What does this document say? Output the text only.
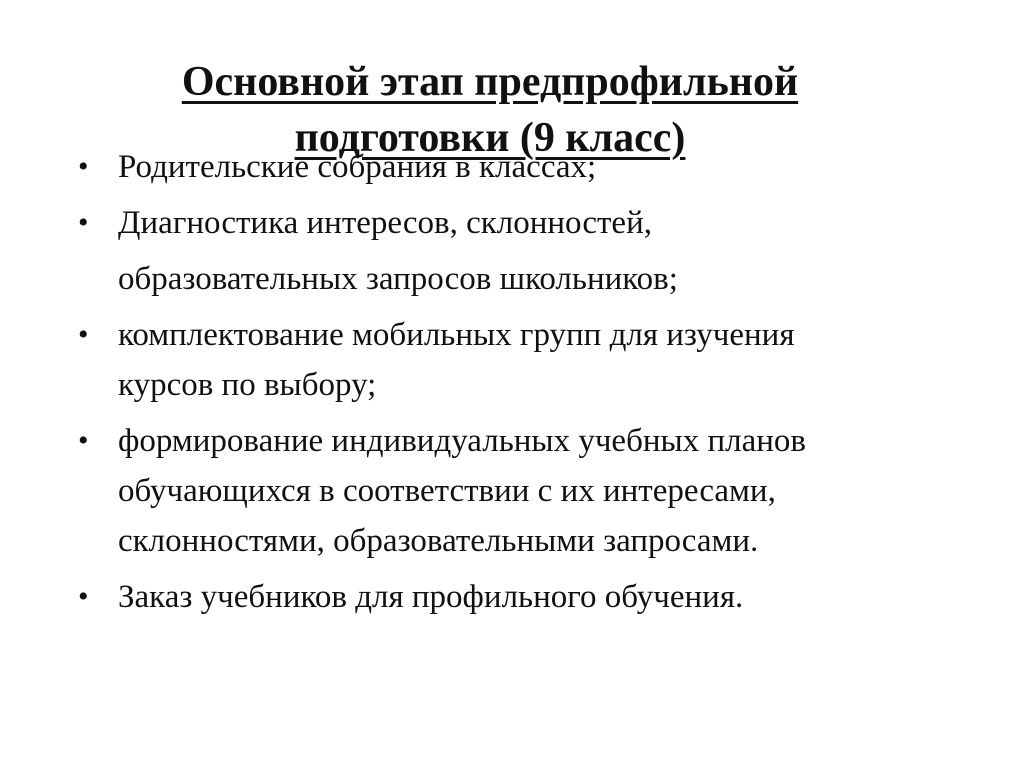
Основной этап предпрофильной
подготовки (9 класс)
• Родительские собрания в классах;
• Диагностика интересов, склонностей,
образовательных запросов школьников;
• комплектование мобильных групп для изучения
курсов по выбору;
• формирование индивидуальных учебных планов
обучающихся в соответствии с их интересами,
склонностями, образовательными запросами.
• Заказ учебников для профильного обучения.
